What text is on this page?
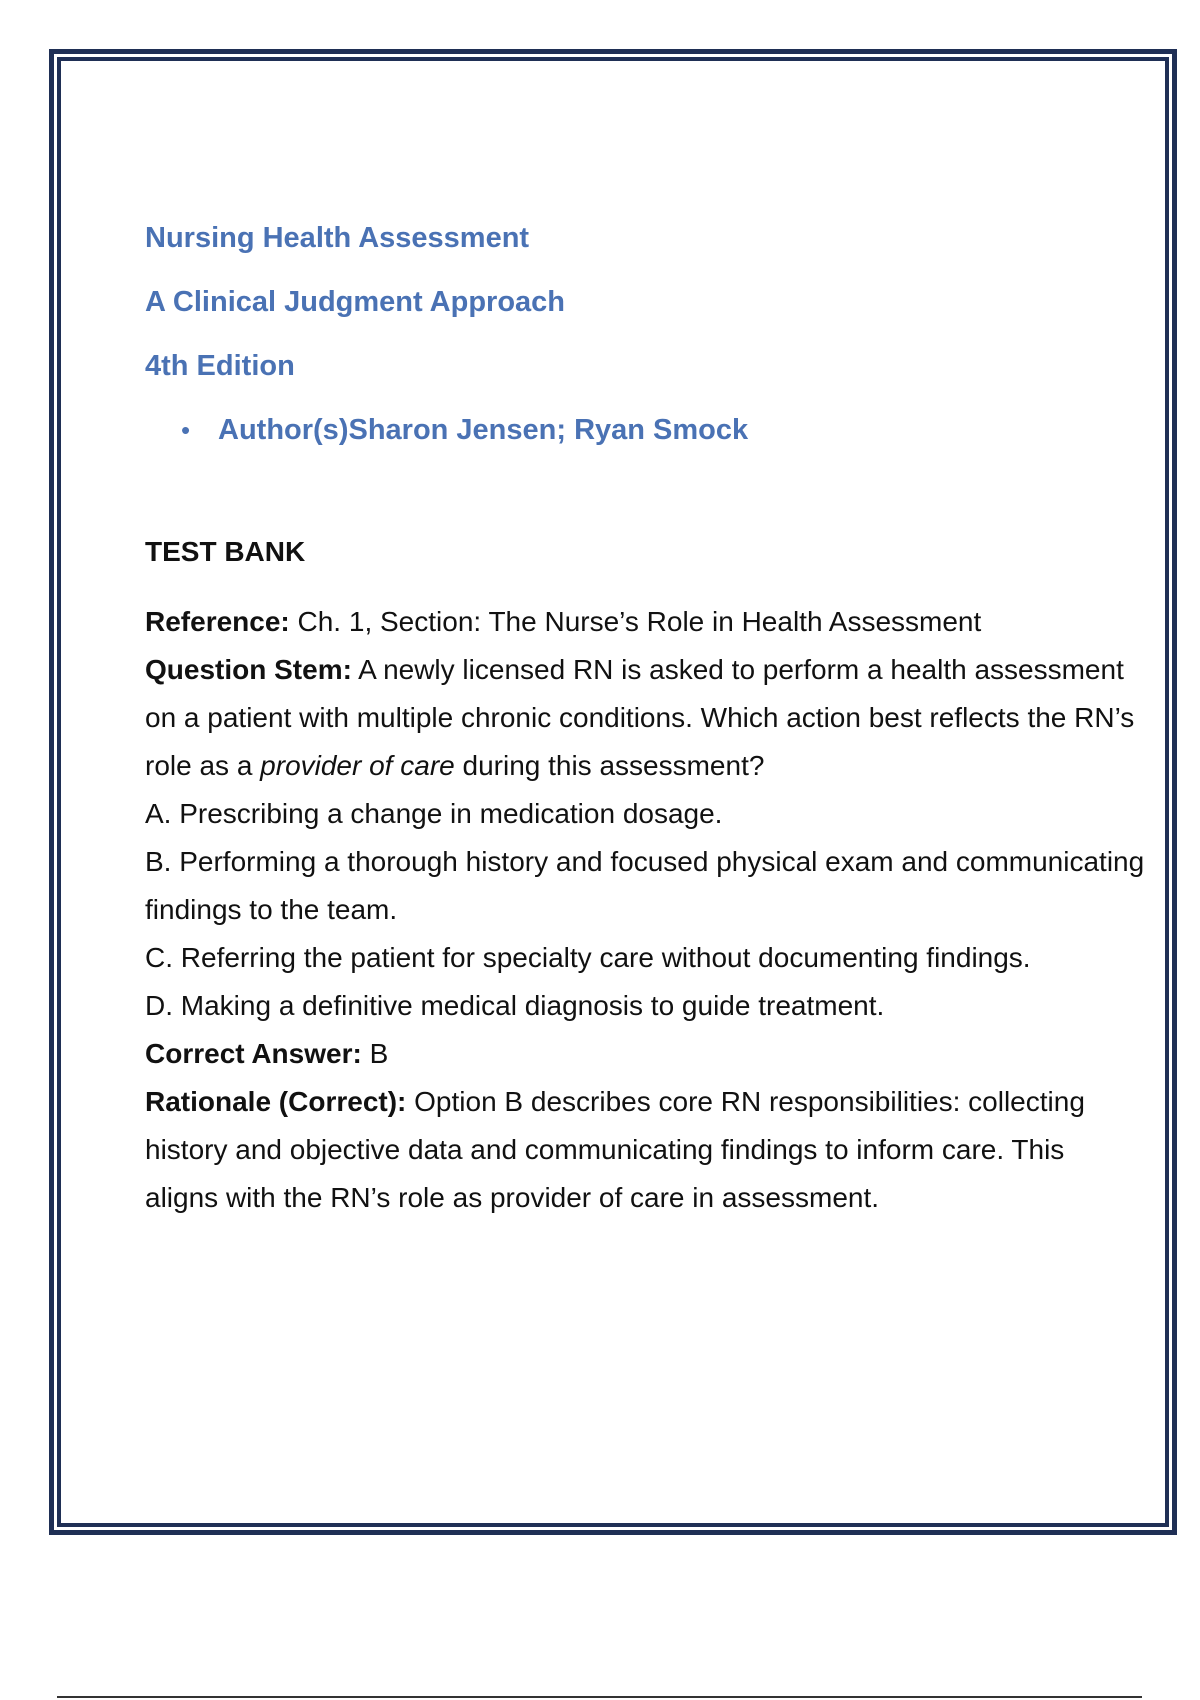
Nursing Health Assessment
A Clinical Judgment Approach
4th Edition
• Author(s)Sharon Jensen; Ryan Smock
TEST BANK

Reference: Ch. 1, Section: The Nurse’s Role in Health Assessment

Question Stem: A newly licensed RN is asked to perform a health assessment on a patient with multiple chronic conditions. Which action best reflects the RN’s role as a provider of care during this assessment?

A. Prescribing a change in medication dosage.

B. Performing a thorough history and focused physical exam and communicating findings to the team.

C. Referring the patient for specialty care without documenting findings.

D. Making a definitive medical diagnosis to guide treatment.

Correct Answer: B

Rationale (Correct): Option B describes core RN responsibilities: collecting history and objective data and communicating findings to inform care. This aligns with the RN’s role as provider of care in assessment.
